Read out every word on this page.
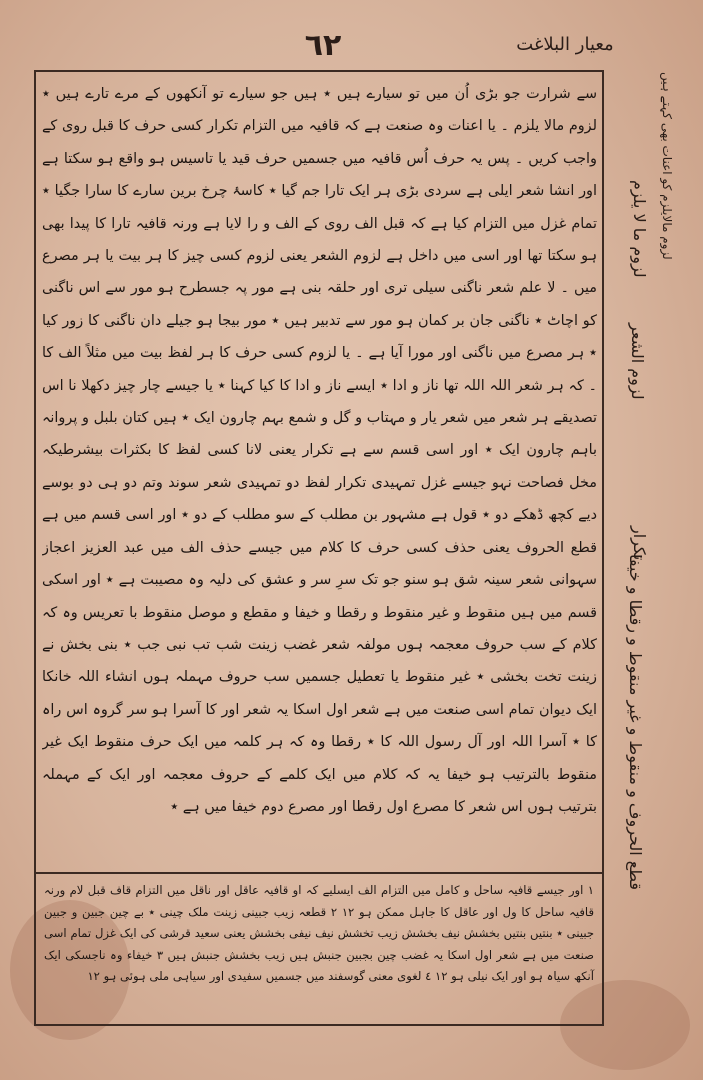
٦٢	معیار البلاغت
سے شرارت جو بڑی اُن میں تو سیارے ہیں ٭ ہیں جو سیارے تو آنکھوں کے مرے تارے ہیں ٭ لزوم مالا یلزم ۔ یا اعنات وہ صنعت ہے کہ قافیہ میں التزام تکرار کسی حرف کا قبل روی کے واجب کریں ۔ پس یہ حرف اُس قافیہ میں جسمیں حرف قید یا تاسیس ہو واقع ہو سکتا ہے اور انشا شعر ایلی ہے سردی بڑی ہر ایک تارا جم گیا ٭ کاسۂ چرخ برین سارے کا سارا جگیا ٭ تمام غزل میں التزام کیا ہے کہ قبل الف روی کے الف و را لایا ہے ورنہ قافیہ تارا کا پیدا بھی ہو سکتا تھا اور اسی میں داخل ہے لزوم الشعر یعنی لزوم کسی چیز کا ہر بیت یا ہر مصرع میں ۔ لا علم شعر ناگنی سیلی تری اور حلقہ بنی ہے مور پہ جسطرح ہو مور سے اس ناگنی کو اچاٹ ٭ ناگنی جان بر کمان ہو مور سے تدبیر ہیں ٭ مور بیجا ہو جیلے دان ناگنی کا زور کیا ٭ ہر مصرع میں ناگنی اور مورا آیا ہے ۔ یا لزوم کسی حرف کا ہر لفظ بیت میں مثلاً الف کا ۔ کہ ہر شعر اللہ اللہ تھا ناز و ادا ٭ ایسے ناز و ادا کا کیا کہنا ٭ یا جیسے چار چیز دکھلا نا اس تصدیقے ہر شعر میں شعر یار و مہتاب و گل و شمع بہم چارون ایک ٭ ہیں کتان بلبل و پروانہ باہم چارون ایک ٭ اور اسی قسم سے ہے تکرار یعنی لانا کسی لفظ کا بکثرات بیشرطیکہ مخل فصاحت نہو جیسے غزل تمہیدی تکرار لفظ دو تمہیدی شعر سوند وتم دو ہی دو بوسے دیے کچھ ڈھکے دو ٭ قول ہے مشہور بن مطلب کے سو مطلب کے دو ٭ اور اسی قسم میں ہے قطع الحروف یعنی حذف کسی حرف کا کلام میں جیسے حذف الف میں عبد العزیز اعجاز سہوانی شعر سینہ شق ہو سنو جو تک سرِ سر و عشق کی دلیہ وہ مصیبت ہے ٭ اور اسکی قسم میں ہیں منقوط و غیر منقوط و رقطا و خیفا و مقطع و موصل منقوط با تعریس وہ کہ کلام کے سب حروف معجمہ ہوں مولفہ شعر غضب زینت شب تب نبی جب ٭ بنی بخش نے زینت تخت بخشی ٭ غیر منقوط یا تعطیل جسمیں سب حروف مہملہ ہوں انشاء اللہ خانکا ایک دیوان تمام اسی صنعت میں ہے شعر اول اسکا یہ شعر اور کا آسرا ہو سر گروہ اس راہ کا ٭ آسرا اللہ اور آل رسول اللہ کا ٭ رقطا وہ کہ ہر کلمہ میں ایک حرف منقوط ایک غیر منقوط بالترتیب ہو خیفا یہ کہ کلام میں ایک کلمے کے حروف معجمہ اور ایک کے مہملہ بترتیب ہوں اس شعر کا مصرع اول رقطا اور مصرع دوم خیفا میں ہے ٭
١ اور جیسے قافیہ ساحل و کامل میں التزام الف ایسلیے کہ او قافیہ عاقل اور ناقل میں التزام قاف قبل لام ورنہ قافیہ ساحل کا ول اور عاقل کا جاہل ممکن ہو ١٢ ٢ قطعہ زیب جبینی زینت ملک چینی ٭ بے چین جبین و جبین جبینی ٭ بنتیں بنتیں بخشش نیف بخشش زیب تخشش نیف نیفی بخشش یعنی سعید قرشی کی ایک غزل تمام اسی صنعت میں ہے شعر اول اسکا یہ غضب چین بجبین جنبش ہیں زیب بخشش جنبش ہیں ٣ خیفاء وہ ناجسکی ایک آنکھ سیاہ ہو اور ایک نیلی ہو ١٢ ٤ لغوی معنی گوسفند میں جسمیں سفیدی اور سیاہی ملی ہوئی ہو ١٢
لزوم ما لا یلزم لزوم مالایلزم کو اعنات بھی کہتے ہیں
لزوم الشعر
تکرار
قطع الحروف و منقوط و غیر منقوط و رقطا و خیفا
